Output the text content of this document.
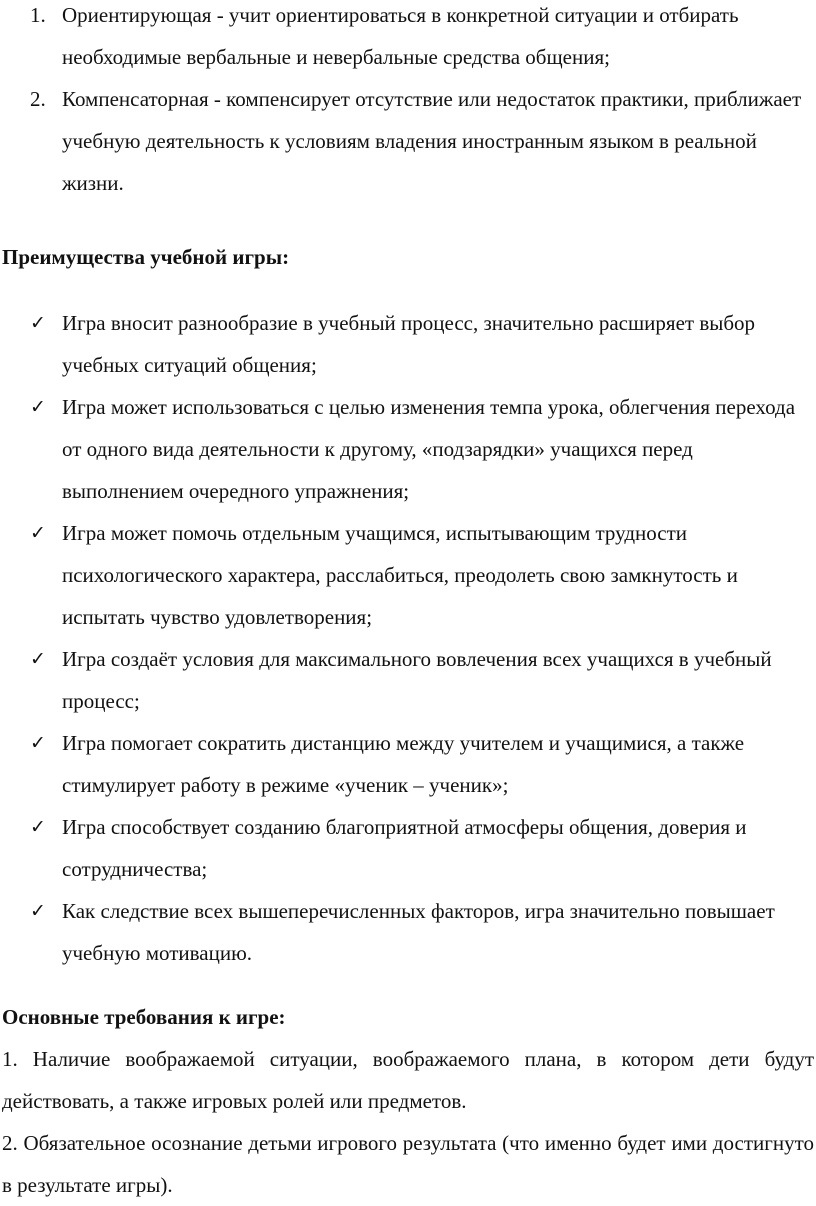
1. Ориентирующая - учит ориентироваться в конкретной ситуации и отбирать необходимые вербальные и невербальные средства общения;
2. Компенсаторная - компенсирует отсутствие или недостаток практики, приближает учебную деятельность к условиям владения иностранным языком в реальной жизни.
Преимущества учебной игры:
✓ Игра вносит разнообразие в учебный процесс, значительно расширяет выбор учебных ситуаций общения;
✓ Игра может использоваться с целью изменения темпа урока, облегчения перехода от одного вида деятельности к другому, «подзарядки» учащихся перед выполнением очередного упражнения;
✓ Игра может помочь отдельным учащимся, испытывающим трудности психологического характера, расслабиться, преодолеть свою замкнутость и испытать чувство удовлетворения;
✓ Игра создаёт условия для максимального вовлечения всех учащихся в учебный процесс;
✓ Игра помогает сократить дистанцию между учителем и учащимися, а также стимулирует работу в режиме «ученик – ученик»;
✓ Игра способствует созданию благоприятной атмосферы общения, доверия и сотрудничества;
✓ Как следствие всех вышеперечисленных факторов, игра значительно повышает учебную мотивацию.
Основные требования к игре:
1. Наличие воображаемой ситуации, воображаемого плана, в котором дети будут действовать, а также игровых ролей или предметов.
2. Обязательное осознание детьми игрового результата (что именно будет ими достигнуто в результате игры).
